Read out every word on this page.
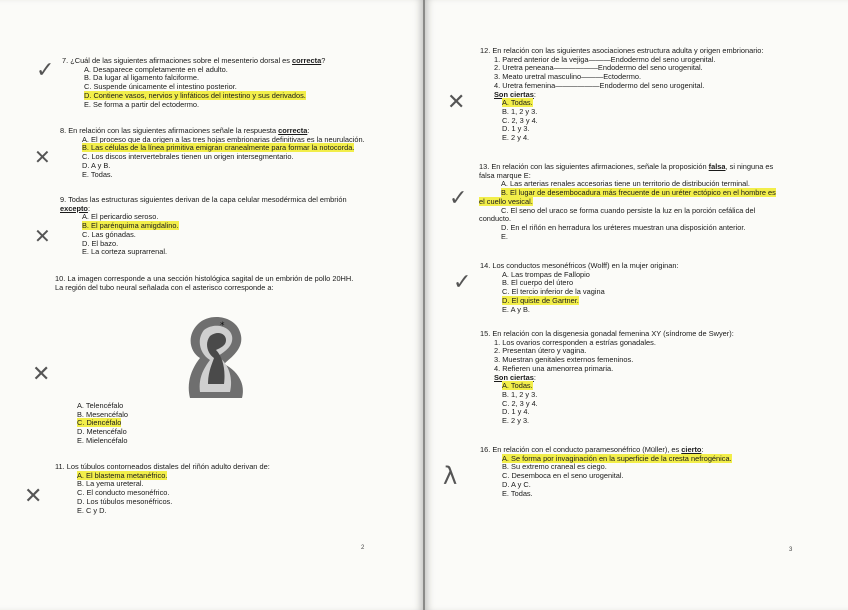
7. ¿Cuál de las siguientes afirmaciones sobre el mesenterio dorsal es correcta?

A. Desaparece completamente en el adulto.

B. Da lugar al ligamento falciforme.

C. Suspende únicamente el intestino posterior.

D. Contiene vasos, nervios y linfáticos del intestino y sus derivados.

E. Se forma a partir del ectodermo.

✓

8. En relación con las siguientes afirmaciones señale la respuesta correcta:

A. El proceso que da origen a las tres hojas embrionarias definitivas es la neurulación.

B. Las células de la línea primitiva emigran cranealmente para formar la notocorda.

C. Los discos intervertebrales tienen un origen intersegmentario.

D. A y B.

E. Todas.

✕

9. Todas las estructuras siguientes derivan de la capa celular mesodérmica del embrión

excepto:

A. El pericardio seroso.

B. El parénquima amigdalino.

C. Las gónadas.

D. El bazo.

E. La corteza suprarrenal.

✕

10. La imagen corresponde a una sección histológica sagital de un embrión de pollo 20HH.

La región del tubo neural señalada con el asterisco corresponde a:

*

A. Telencéfalo

B. Mesencéfalo

C. Diencéfalo

D. Metencéfalo

E. Mielencéfalo

✕

11. Los túbulos contorneados distales del riñón adulto derivan de:

A. El blastema metanéfrico.

B. La yema ureteral.

C. El conducto mesonéfrico.

D. Los túbulos mesonéfricos.

E. C y D.

✕
2

12. En relación con las siguientes asociaciones estructura adulta y origen embrionario:

1. Pared anterior de la vejiga———Endodermo del seno urogenital.

2. Uretra peneana——————Endodermo del seno urogenital.

3. Meato uretral masculino———Ectodermo.

4. Uretra femenina——————Endodermo del seno urogenital.

Son ciertas:

A. Todas.

B. 1, 2 y 3.

C. 2, 3 y 4.

D. 1 y 3.

E. 2 y 4.

✕

13. En relación con las siguientes afirmaciones, señale la proposición falsa, si ninguna es

falsa marque E:

A. Las arterias renales accesorias tiene un territorio de distribución terminal.

B. El lugar de desembocadura más frecuente de un uréter ectópico en el hombre es

el cuello vesical.

C. El seno del uraco se forma cuando persiste la luz en la porción cefálica del

conducto.

D. En el riñón en herradura los uréteres muestran una disposición anterior.

E.

✓

14. Los conductos mesonéfricos (Wolff) en la mujer originan:

A. Las trompas de Fallopio

B. El cuerpo del útero

C. El tercio inferior de la vagina

D. El quiste de Gartner.

E. A y B.

✓

15. En relación con la disgenesia gonadal femenina XY (síndrome de Swyer):

1. Los ovarios corresponden a estrías gonadales.

2. Presentan útero y vagina.

3. Muestran genitales externos femeninos.

4. Refieren una amenorrea primaria.

Son ciertas:

A. Todas.

B. 1, 2 y 3.

C. 2, 3 y 4.

D. 1 y 4.

E. 2 y 3.

16. En relación con el conducto paramesonéfrico (Müller), es cierto:

A. Se forma por invaginación en la superficie de la cresta nefrogénica.

B. Su extremo craneal es ciego.

C. Desemboca en el seno urogenital.

D. A y C.

E. Todas.

λ
3
